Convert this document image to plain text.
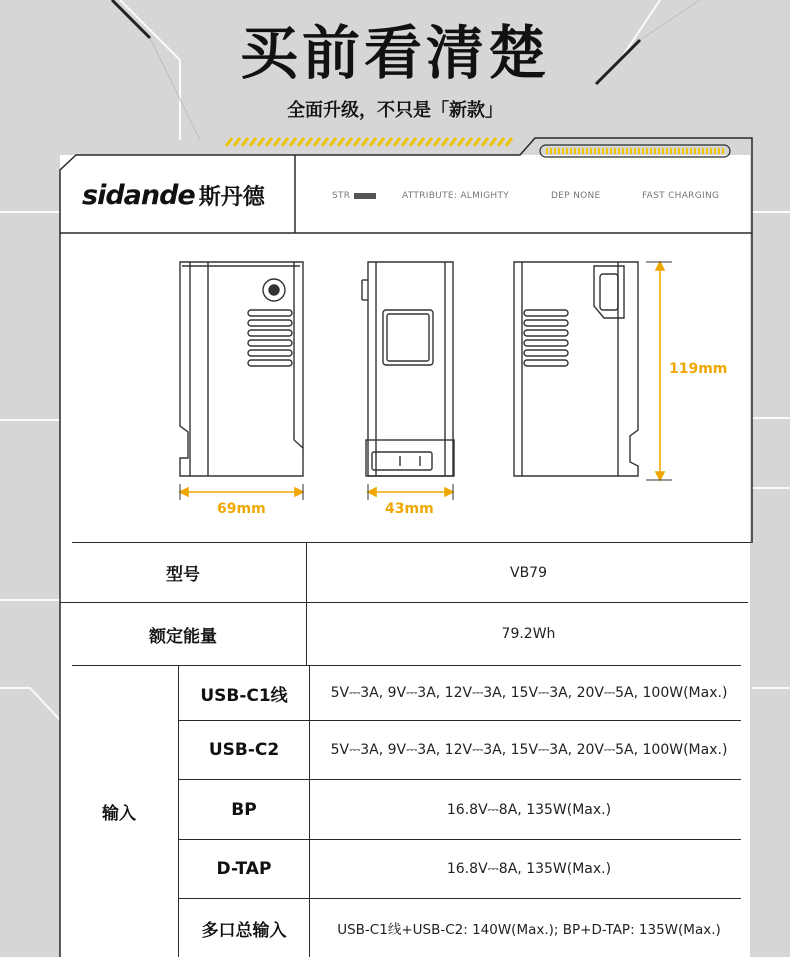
买前看清楚
全面升级，不只是「新款」
sidande 斯丹德	STR	ATTRIBUTE: ALMIGHTY	DEP NONE	FAST CHARGING
69mm	43mm
119mm
型号	VB79
额定能量	79.2Wh
输入
USB-C1线	5V⎓3A, 9V⎓3A, 12V⎓3A, 15V⎓3A, 20V⎓5A, 100W(Max.)
USB-C2	5V⎓3A, 9V⎓3A, 12V⎓3A, 15V⎓3A, 20V⎓5A, 100W(Max.)
BP	16.8V⎓8A, 135W(Max.)
D-TAP	16.8V⎓8A, 135W(Max.)
多口总输入	USB-C1线+USB-C2: 140W(Max.); BP+D-TAP: 135W(Max.)
